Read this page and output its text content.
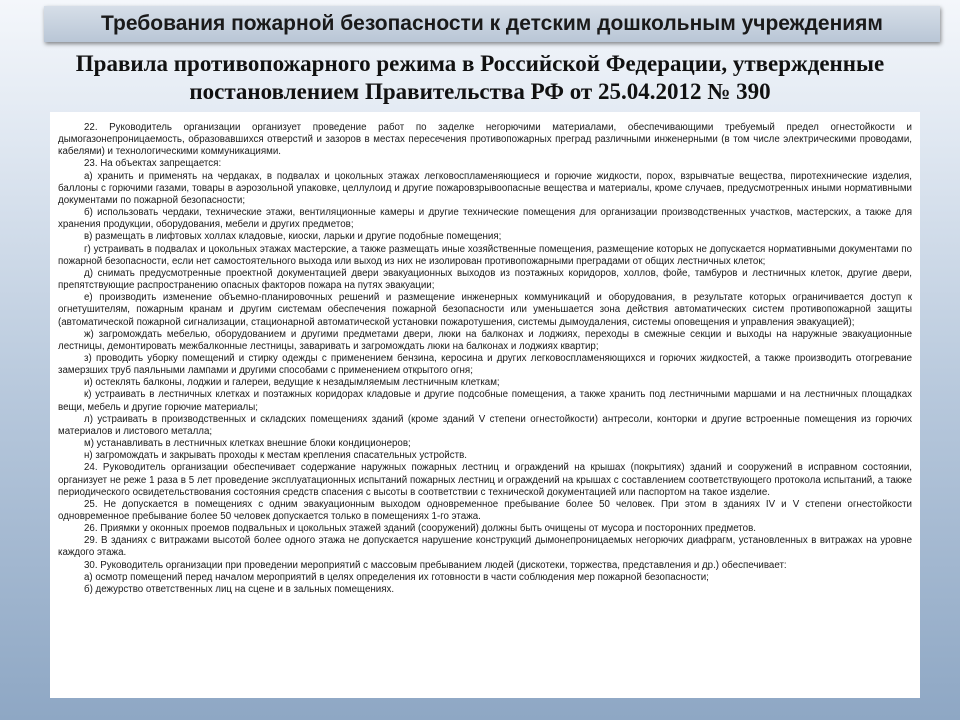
Требования пожарной безопасности к детским дошкольным учреждениям
Правила противопожарного режима в Российской Федерации, утвержденные
постановлением Правительства РФ от 25.04.2012 № 390

22. Руководитель организации организует проведение работ по заделке негорючими материалами, обеспечивающими требуемый предел огнестойкости и дымогазонепроницаемость, образовавшихся отверстий и зазоров в местах пересечения противопожарных преград различными инженерными (в том числе электрическими проводами, кабелями) и технологическими коммуникациями.

23. На объектах запрещается:

а) хранить и применять на чердаках, в подвалах и цокольных этажах легковоспламеняющиеся и горючие жидкости, порох, взрывчатые вещества, пиротехнические изделия, баллоны с горючими газами, товары в аэрозольной упаковке, целлулоид и другие пожаровзрывоопасные вещества и материалы, кроме случаев, предусмотренных иными нормативными документами по пожарной безопасности;

б) использовать чердаки, технические этажи, вентиляционные камеры и другие технические помещения для организации производственных участков, мастерских, а также для хранения продукции, оборудования, мебели и других предметов;

в) размещать в лифтовых холлах кладовые, киоски, ларьки и другие подобные помещения;

г) устраивать в подвалах и цокольных этажах мастерские, а также размещать иные хозяйственные помещения, размещение которых не допускается нормативными документами по пожарной безопасности, если нет самостоятельного выхода или выход из них не изолирован противопожарными преградами от общих лестничных клеток;

д) снимать предусмотренные проектной документацией двери эвакуационных выходов из поэтажных коридоров, холлов, фойе, тамбуров и лестничных клеток, другие двери, препятствующие распространению опасных факторов пожара на путях эвакуации;

е) производить изменение объемно-планировочных решений и размещение инженерных коммуникаций и оборудования, в результате которых ограничивается доступ к огнетушителям, пожарным кранам и другим системам обеспечения пожарной безопасности или уменьшается зона действия автоматических систем противопожарной защиты (автоматической пожарной сигнализации, стационарной автоматической установки пожаротушения, системы дымоудаления, системы оповещения и управления эвакуацией);

ж) загромождать мебелью, оборудованием и другими предметами двери, люки на балконах и лоджиях, переходы в смежные секции и выходы на наружные эвакуационные лестницы, демонтировать межбалконные лестницы, заваривать и загромождать люки на балконах и лоджиях квартир;

з) проводить уборку помещений и стирку одежды с применением бензина, керосина и других легковоспламеняющихся и горючих жидкостей, а также производить отогревание замерзших труб паяльными лампами и другими способами с применением открытого огня;

и) остеклять балконы, лоджии и галереи, ведущие к незадымляемым лестничным клеткам;

к) устраивать в лестничных клетках и поэтажных коридорах кладовые и другие подсобные помещения, а также хранить под лестничными маршами и на лестничных площадках вещи, мебель и другие горючие материалы;

л) устраивать в производственных и складских помещениях зданий (кроме зданий V степени огнестойкости) антресоли, конторки и другие встроенные помещения из горючих материалов и листового металла;

м) устанавливать в лестничных клетках внешние блоки кондиционеров;

н) загромождать и закрывать проходы к местам крепления спасательных устройств.

24. Руководитель организации обеспечивает содержание наружных пожарных лестниц и ограждений на крышах (покрытиях) зданий и сооружений в исправном состоянии, организует не реже 1 раза в 5 лет проведение эксплуатационных испытаний пожарных лестниц и ограждений на крышах с составлением соответствующего протокола испытаний, а также периодического освидетельствования состояния средств спасения с высоты в соответствии с технической документацией или паспортом на такое изделие.

25. Не допускается в помещениях с одним эвакуационным выходом одновременное пребывание более 50 человек. При этом в зданиях IV и V степени огнестойкости одновременное пребывание более 50 человек допускается только в помещениях 1-го этажа.

26. Приямки у оконных проемов подвальных и цокольных этажей зданий (сооружений) должны быть очищены от мусора и посторонних предметов.

29. В зданиях с витражами высотой более одного этажа не допускается нарушение конструкций дымонепроницаемых негорючих диафрагм, установленных в витражах на уровне каждого этажа.

30. Руководитель организации при проведении мероприятий с массовым пребыванием людей (дискотеки, торжества, представления и др.) обеспечивает:

а) осмотр помещений перед началом мероприятий в целях определения их готовности в части соблюдения мер пожарной безопасности;

б) дежурство ответственных лиц на сцене и в зальных помещениях.
